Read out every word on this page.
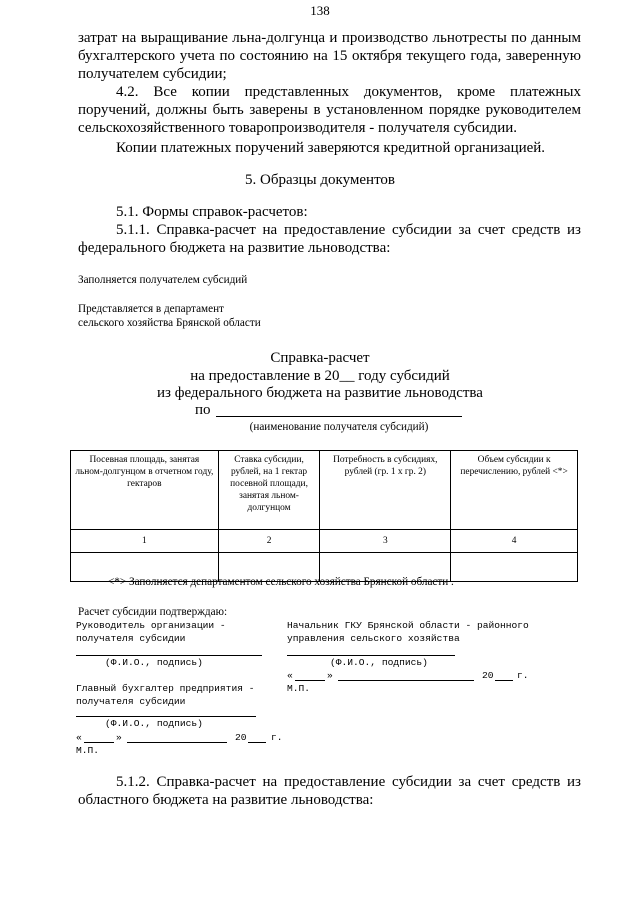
138
затрат на выращивание льна-долгунца и производство льнотресты по данным
бухгалтерского учета по состоянию на 15 октября текущего года, заверенную
получателем субсидии;
4.2. Все копии представленных документов, кроме платежных
поручений, должны быть заверены в установленном порядке руководителем
сельскохозяйственного товаропроизводителя - получателя субсидии.
Копии платежных поручений заверяются кредитной организацией.
5. Образцы документов
5.1. Формы справок-расчетов:
5.1.1. Справка-расчет на предоставление субсидии за счет средств из
федерального бюджета на развитие льноводства:
Заполняется получателем субсидий
Представляется в департамент
сельского хозяйства Брянской области
Справка-расчет
на предоставление в 20__ году субсидий
из федерального бюджета на развитие льноводства
по
(наименование получателя субсидий)
Посевная площадь, занятая льном-долгунцом в отчетном году, гектаров	Ставка субсидии, рублей, на 1 гектар посевной площади, занятая льном-долгунцом	Потребность в субсидиях, рублей (гр. 1 х гр. 2)	Объем субсидии к перечислению, рублей <*>
1	2	3	4

<*> Заполняется департаментом сельского хозяйства Брянской области .
Расчет субсидии подтверждаю:
Руководитель организации -
получателя субсидии
(Ф.И.О., подпись)
Главный бухгалтер предприятия -
получателя субсидии
(Ф.И.О., подпись)
«	»	20	г.
М.П.
Начальник ГКУ Брянской области - районного
управления сельского хозяйства
(Ф.И.О., подпись)
«	»	20 г.
М.П.
5.1.2. Справка-расчет на предоставление субсидии за счет средств из
областного бюджета на развитие льноводства:
